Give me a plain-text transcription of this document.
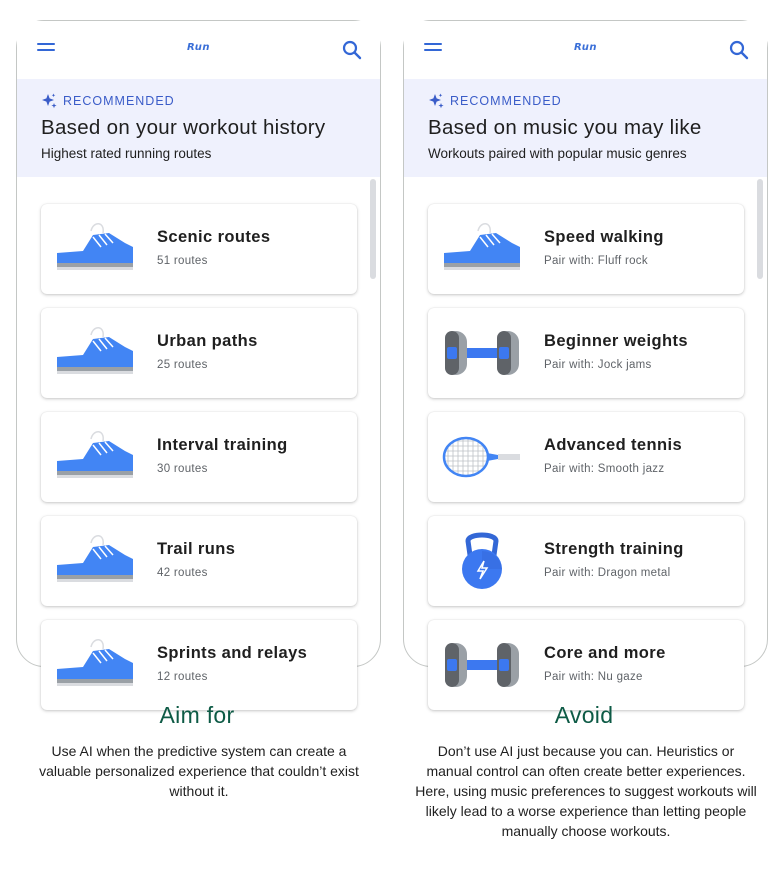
Run
RECOMMENDED
Based on your workout history
Highest rated running routes
Scenic routes
51 routes
Urban paths
25 routes
Interval training
30 routes
Trail runs
42 routes
Sprints and relays
12 routes
Run
RECOMMENDED
Based on music you may like
Workouts paired with popular music genres
Speed walking
Pair with: Fluff rock
Beginner weights
Pair with: Jock jams
Advanced tennis
Pair with: Smooth jazz
Strength training
Pair with: Dragon metal
Core and more
Pair with: Nu gaze
Aim for
Use AI when the predictive system can create a
valuable personalized experience that couldn’t exist
without it.
Avoid
Don’t use AI just because you can. Heuristics or
manual control can often create better experiences.
Here, using music preferences to suggest workouts will
likely lead to a worse experience than letting people
manually choose workouts.
